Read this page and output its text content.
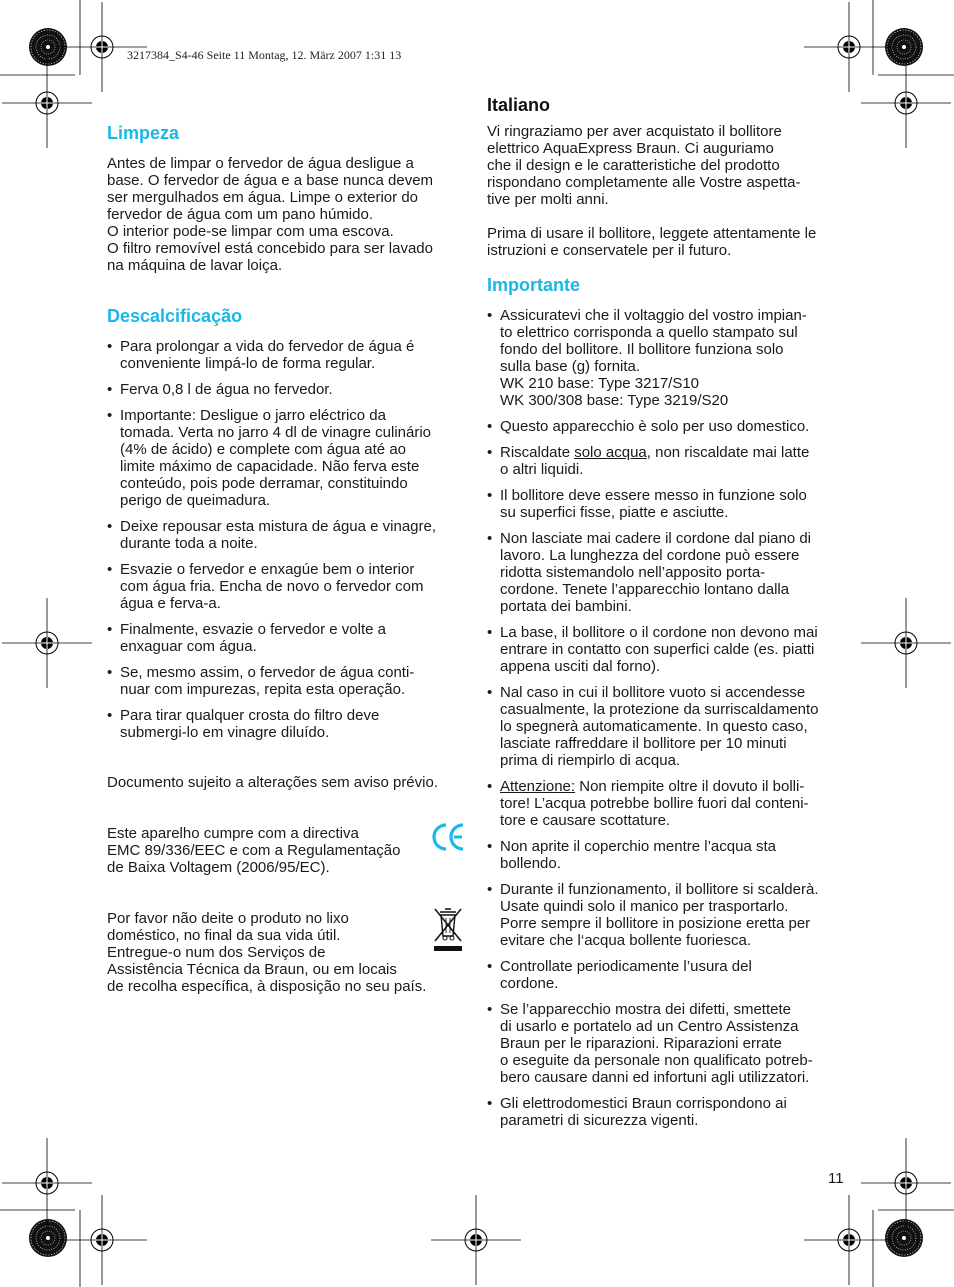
3217384_S4-46 Seite 11 Montag, 12. März 2007 1:31 13
Limpeza

Antes de limpar o fervedor de água desligue a
base. O fervedor de água e a base nunca devem
ser mergulhados em água. Limpe o exterior do
fervedor de água com um pano húmido.
O interior pode-se limpar com uma escova.
O filtro removível está concebido para ser lavado
na máquina de lavar loiça.

Descalcificação
• Para prolongar a vida do fervedor de água é
conveniente limpá-lo de forma regular.
• Ferva 0,8 l de água no fervedor.
• Importante: Desligue o jarro eléctrico da
tomada. Verta no jarro 4 dl de vinagre culinário
(4% de ácido) e complete com água até ao
limite máximo de capacidade. Não ferva este
conteúdo, pois pode derramar, constituindo
perigo de queimadura.
• Deixe repousar esta mistura de água e vinagre,
durante toda a noite.
• Esvazie o fervedor e enxagúe bem o interior
com água fria. Encha de novo o fervedor com
água e ferva-a.
• Finalmente, esvazie o fervedor e volte a
enxaguar com água.
• Se, mesmo assim, o fervedor de água conti-
nuar com impurezas, repita esta operação.
• Para tirar qualquer crosta do filtro deve
submergi-lo em vinagre diluído.

Documento sujeito a alterações sem aviso prévio.

Este aparelho cumpre com a directiva
EMC 89/336/EEC e com a Regulamentação
de Baixa Voltagem (2006/95/EC).

Por favor não deite o produto no lixo
doméstico, no final da sua vida útil.
Entregue-o num dos Serviços de
Assistência Técnica da Braun, ou em locais
de recolha específica, à disposição no seu país.

Italiano

Vi ringraziamo per aver acquistato il bollitore
elettrico AquaExpress Braun. Ci auguriamo
che il design e le caratteristiche del prodotto
rispondano completamente alle Vostre aspetta-
tive per molti anni.

Prima di usare il bollitore, leggete attentamente le
istruzioni e conservatele per il futuro.

Importante
• Assicuratevi che il voltaggio del vostro impian-
to elettrico corrisponda a quello stampato sul
fondo del bollitore. Il bollitore funziona solo
sulla base (g) fornita.
WK 210 base: Type 3217/S10
WK 300/308 base: Type 3219/S20
• Questo apparecchio è solo per uso domestico.
• Riscaldate solo acqua, non riscaldate mai latte
o altri liquidi.
• Il bollitore deve essere messo in funzione solo
su superfici fisse, piatte e asciutte.
• Non lasciate mai cadere il cordone dal piano di
lavoro. La lunghezza del cordone può essere
ridotta sistemandolo nell’apposito porta-
cordone. Tenete l’apparecchio lontano dalla
portata dei bambini.
• La base, il bollitore o il cordone non devono mai
entrare in contatto con superfici calde (es. piatti
appena usciti dal forno).
• Nal caso in cui il bollitore vuoto si accendesse
casualmente, la protezione da surriscaldamento
lo spegnerà automaticamente. In questo caso,
lasciate raffreddare il bollitore per 10 minuti
prima di riempirlo di acqua.
• Attenzione: Non riempite oltre il dovuto il bolli-
tore! L’acqua potrebbe bollire fuori dal conteni-
tore e causare scottature.
• Non aprite il coperchio mentre l’acqua sta
bollendo.
• Durante il funzionamento, il bollitore si scalderà.
Usate quindi solo il manico per trasportarlo.
Porre sempre il bollitore in posizione eretta per
evitare che l‘acqua bollente fuoriesca.
• Controllate periodicamente l’usura del
cordone.
• Se l’apparecchio mostra dei difetti, smettete
di usarlo e portatelo ad un Centro Assistenza
Braun per le riparazioni. Riparazioni errate
o eseguite da personale non qualificato potreb-
bero causare danni ed infortuni agli utilizzatori.
• Gli elettrodomestici Braun corrispondono ai
parametri di sicurezza vigenti.
11
